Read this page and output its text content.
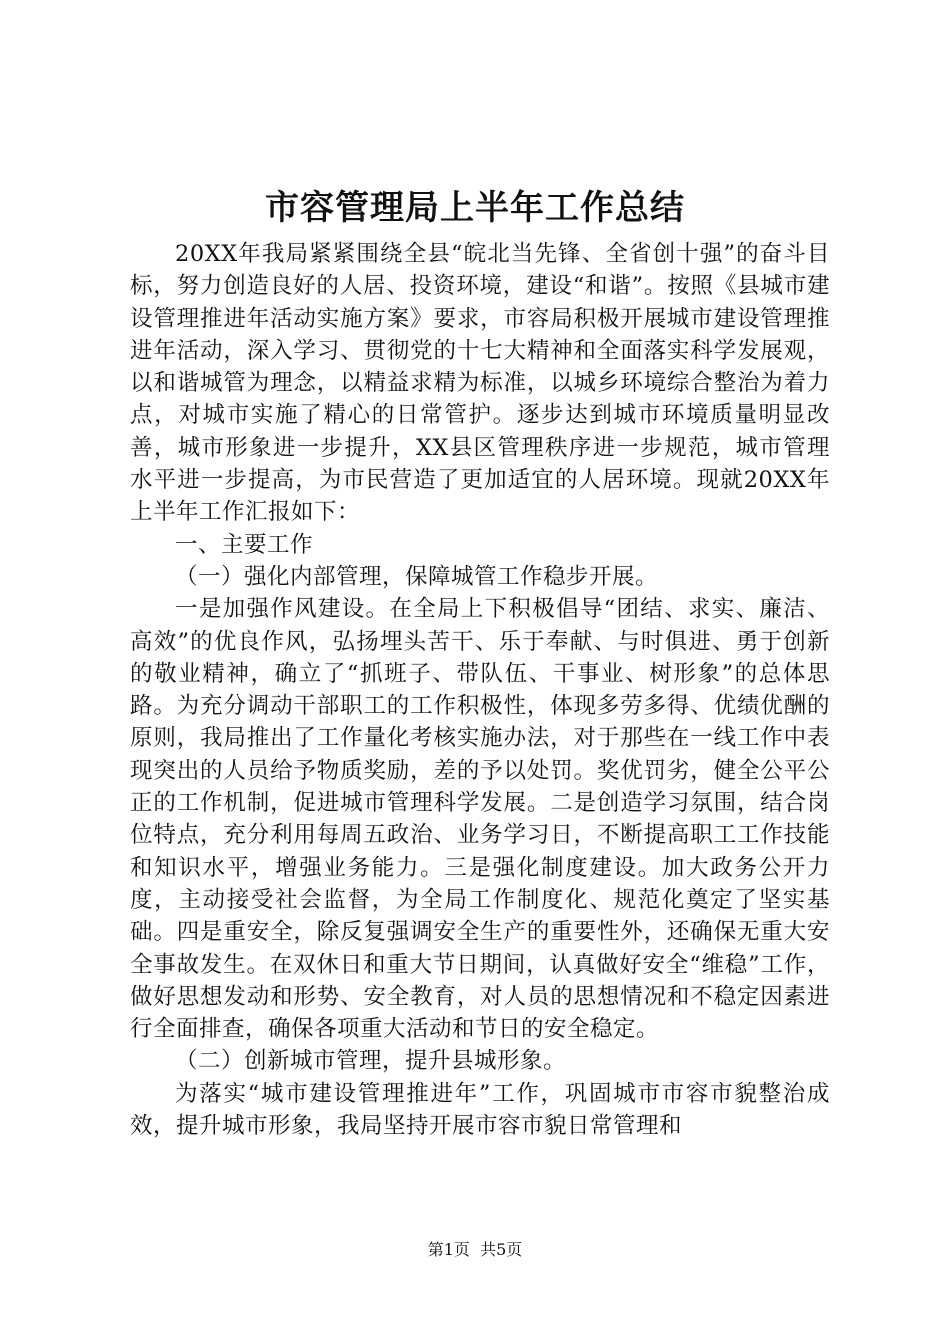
市容管理局上半年工作总结

20XX年我局紧紧围绕全县“皖北当先锋、全省创十强”的奋斗目标，努力创造良好的人居、投资环境，建设“和谐”。按照《县城市建设管理推进年活动实施方案》要求，市容局积极开展城市建设管理推进年活动，深入学习、贯彻党的十七大精神和全面落实科学发展观，以和谐城管为理念，以精益求精为标准，以城乡环境综合整治为着力点，对城市实施了精心的日常管护。逐步达到城市环境质量明显改善，城市形象进一步提升，XX县区管理秩序进一步规范，城市管理水平进一步提高，为市民营造了更加适宜的人居环境。现就20XX年上半年工作汇报如下：

一、主要工作

（一）强化内部管理，保障城管工作稳步开展。

一是加强作风建设。在全局上下积极倡导“团结、求实、廉洁、高效”的优良作风，弘扬埋头苦干、乐于奉献、与时俱进、勇于创新的敬业精神，确立了“抓班子、带队伍、干事业、树形象”的总体思路。为充分调动干部职工的工作积极性，体现多劳多得、优绩优酬的原则，我局推出了工作量化考核实施办法，对于那些在一线工作中表现突出的人员给予物质奖励，差的予以处罚。奖优罚劣，健全公平公正的工作机制，促进城市管理科学发展。二是创造学习氛围，结合岗位特点，充分利用每周五政治、业务学习日，不断提高职工工作技能和知识水平，增强业务能力。三是强化制度建设。加大政务公开力度，主动接受社会监督，为全局工作制度化、规范化奠定了坚实基础。四是重安全，除反复强调安全生产的重要性外，还确保无重大安全事故发生。在双休日和重大节日期间，认真做好安全“维稳”工作，做好思想发动和形势、安全教育，对人员的思想情况和不稳定因素进行全面排查，确保各项重大活动和节日的安全稳定。

（二）创新城市管理，提升县城形象。

为落实“城市建设管理推进年”工作，巩固城市市容市貌整治成效，提升城市形象，我局坚持开展市容市貌日常管理和

第1页  共5页
